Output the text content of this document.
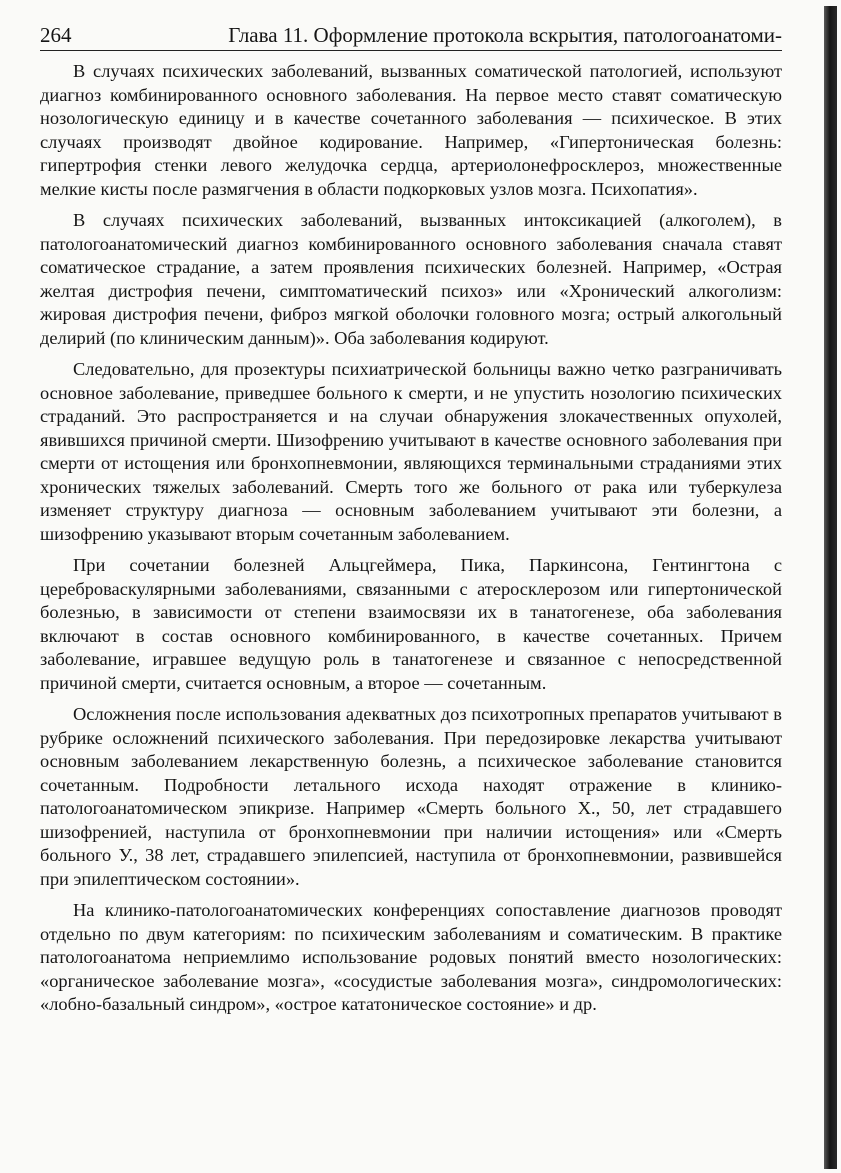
264	Глава 11. Оформление протокола вскрытия, патологоанатоми-

В случаях психических заболеваний, вызванных соматической патологией, используют диагноз комбинированного основного заболевания. На первое место ставят соматическую нозологическую единицу и в качестве сочетанного заболевания — психическое. В этих случаях производят двойное кодирование. Например, «Гипертоническая болезнь: гипертрофия стенки левого желудочка сердца, артериолонефросклероз, множественные мелкие кисты после размягчения в области подкорковых узлов мозга. Психопатия».

В случаях психических заболеваний, вызванных интоксикацией (алкоголем), в патологоанатомический диагноз комбинированного основного заболевания сначала ставят соматическое страдание, а затем проявления психических болезней. Например, «Острая желтая дистрофия печени, симптоматический психоз» или «Хронический алкоголизм: жировая дистрофия печени, фиброз мягкой оболочки головного мозга; острый алкогольный делирий (по клиническим данным)». Оба заболевания кодируют.

Следовательно, для прозектуры психиатрической больницы важно четко разграничивать основное заболевание, приведшее больного к смерти, и не упустить нозологию психических страданий. Это распространяется и на случаи обнаружения злокачественных опухолей, явившихся причиной смерти. Шизофрению учитывают в качестве основного заболевания при смерти от истощения или бронхопневмонии, являющихся терминальными страданиями этих хронических тяжелых заболеваний. Смерть того же больного от рака или туберкулеза изменяет структуру диагноза — основным заболеванием учитывают эти болезни, а шизофрению указывают вторым сочетанным заболеванием.

При сочетании болезней Альцгеймера, Пика, Паркинсона, Гентингтона с цереброваскулярными заболеваниями, связанными с атеросклерозом или гипертонической болезнью, в зависимости от степени взаимосвязи их в танатогенезе, оба заболевания включают в состав основного комбинированного, в качестве сочетанных. Причем заболевание, игравшее ведущую роль в танатогенезе и связанное с непосредственной причиной смерти, считается основным, а второе — сочетанным.

Осложнения после использования адекватных доз психотропных препаратов учитывают в рубрике осложнений психического заболевания. При передозировке лекарства учитывают основным заболеванием лекарственную болезнь, а психическое заболевание становится сочетанным. Подробности летального исхода находят отражение в клинико-патологоанатомическом эпикризе. Например «Смерть больного Х., 50, лет страдавшего шизофренией, наступила от бронхопневмонии при наличии истощения» или «Смерть больного У., 38 лет, страдавшего эпилепсией, наступила от бронхопневмонии, развившейся при эпилептическом состоянии».

На клинико-патологоанатомических конференциях сопоставление диагнозов проводят отдельно по двум категориям: по психическим заболеваниям и соматическим. В практике патологоанатома неприемлимо использование родовых понятий вместо нозологических: «органическое заболевание мозга», «сосудистые заболевания мозга», синдромологических: «лобно-базальный синдром», «острое кататоническое состояние» и др.
